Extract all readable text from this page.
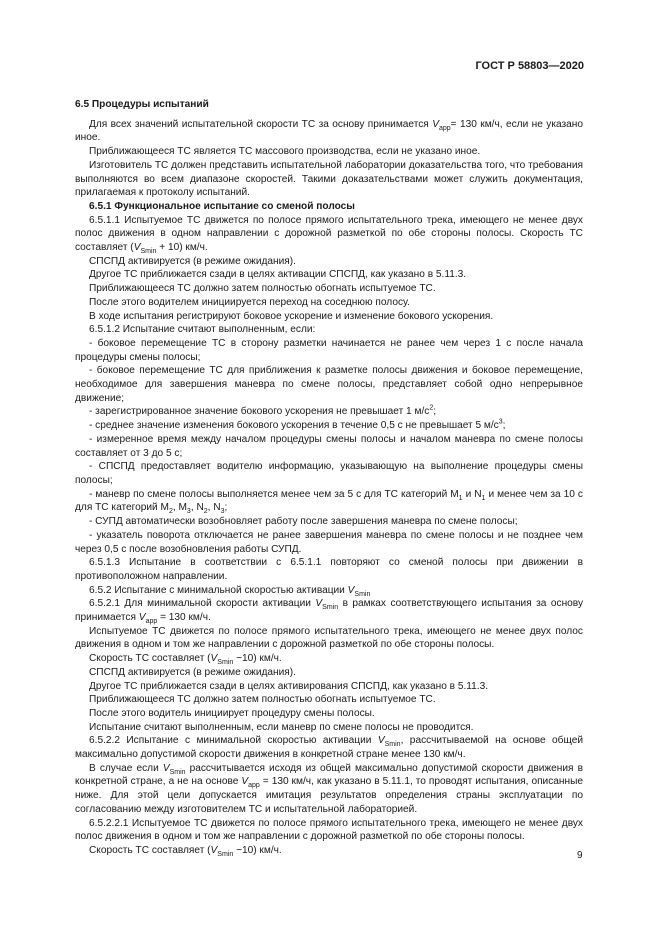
ГОСТ Р 58803—2020

6.5 Процедуры испытаний

Для всех значений испытательной скорости ТС за основу принимается $V_{app}= 130$ км/ч, если не указано иное.

Приближающееся ТС является ТС массового производства, если не указано иное.

Изготовитель ТС должен представить испытательной лаборатории доказательства того, что требования выполняются во всем диапазоне скоростей. Такими доказательствами может служить документация, прилагаемая к протоколу испытаний.

6.5.1 Функциональное испытание со сменой полосы

6.5.1.1 Испытуемое ТС движется по полосе прямого испытательного трека, имеющего не менее двух полос движения в одном направлении с дорожной разметкой по обе стороны полосы. Скорость ТС составляет $(V_{Smin} + 10)$ км/ч.

СПСПД активируется (в режиме ожидания).

Другое ТС приближается сзади в целях активации СПСПД, как указано в 5.11.3.

Приближающееся ТС должно затем полностью обогнать испытуемое ТС.

После этого водителем инициируется переход на соседнюю полосу.

В ходе испытания регистрируют боковое ускорение и изменение бокового ускорения.

6.5.1.2 Испытание считают выполненным, если:

- боковое перемещение ТС в сторону разметки начинается не ранее чем через 1 с после начала процедуры смены полосы;

- боковое перемещение ТС для приближения к разметке полосы движения и боковое перемещение, необходимое для завершения маневра по смене полосы, представляет собой одно непрерывное движение;

- зарегистрированное значение бокового ускорения не превышает 1 $м/с^2$;

- среднее значение изменения бокового ускорения в течение 0,5 с не превышает 5 $м/с^3$;

- измеренное время между началом процедуры смены полосы и началом маневра по смене полосы составляет от 3 до 5 с;

- СПСПД предоставляет водителю информацию, указывающую на выполнение процедуры смены полосы;

- маневр по смене полосы выполняется менее чем за 5 с для ТС категорий $M_1$ и $N_1$ и менее чем за 10 с для ТС категорий $M_2$, $M_3$, $N_2$, $N_3$;

- СУПД автоматически возобновляет работу после завершения маневра по смене полосы;

- указатель поворота отключается не ранее завершения маневра по смене полосы и не позднее чем через 0,5 с после возобновления работы СУПД.

6.5.1.3 Испытание в соответствии с 6.5.1.1 повторяют со сменой полосы при движении в противоположном направлении.

6.5.2 Испытание с минимальной скоростью активации $V_{Smin}$

6.5.2.1 Для минимальной скорости активации $V_{Smin}$ в рамках соответствующего испытания за основу принимается $V_{app} = 130$ км/ч.

Испытуемое ТС движется по полосе прямого испытательного трека, имеющего не менее двух полос движения в одном и том же направлении с дорожной разметкой по обе стороны полосы.

Скорость ТС составляет $(V_{Smin} -10)$ км/ч.

СПСПД активируется (в режиме ожидания).

Другое ТС приближается сзади в целях активирования СПСПД, как указано в 5.11.3.

Приближающееся ТС должно затем полностью обогнать испытуемое ТС.

После этого водитель инициирует процедуру смены полосы.

Испытание считают выполненным, если маневр по смене полосы не проводится.

6.5.2.2 Испытание с минимальной скоростью активации $V_{Smin}$, рассчитываемой на основе общей максимально допустимой скорости движения в конкретной стране менее 130 км/ч.

В случае если $V_{Smin}$ рассчитывается исходя из общей максимально допустимой скорости движения в конкретной стране, а не на основе $V_{app} = 130$ км/ч, как указано в 5.11.1, то проводят испытания, описанные ниже. Для этой цели допускается имитация результатов определения страны эксплуатации по согласованию между изготовителем ТС и испытательной лабораторией.

6.5.2.2.1 Испытуемое ТС движется по полосе прямого испытательного трека, имеющего не менее двух полос движения в одном и том же направлении с дорожной разметкой по обе стороны полосы.

Скорость ТС составляет $(V_{Smin} -10)$ км/ч.	9
